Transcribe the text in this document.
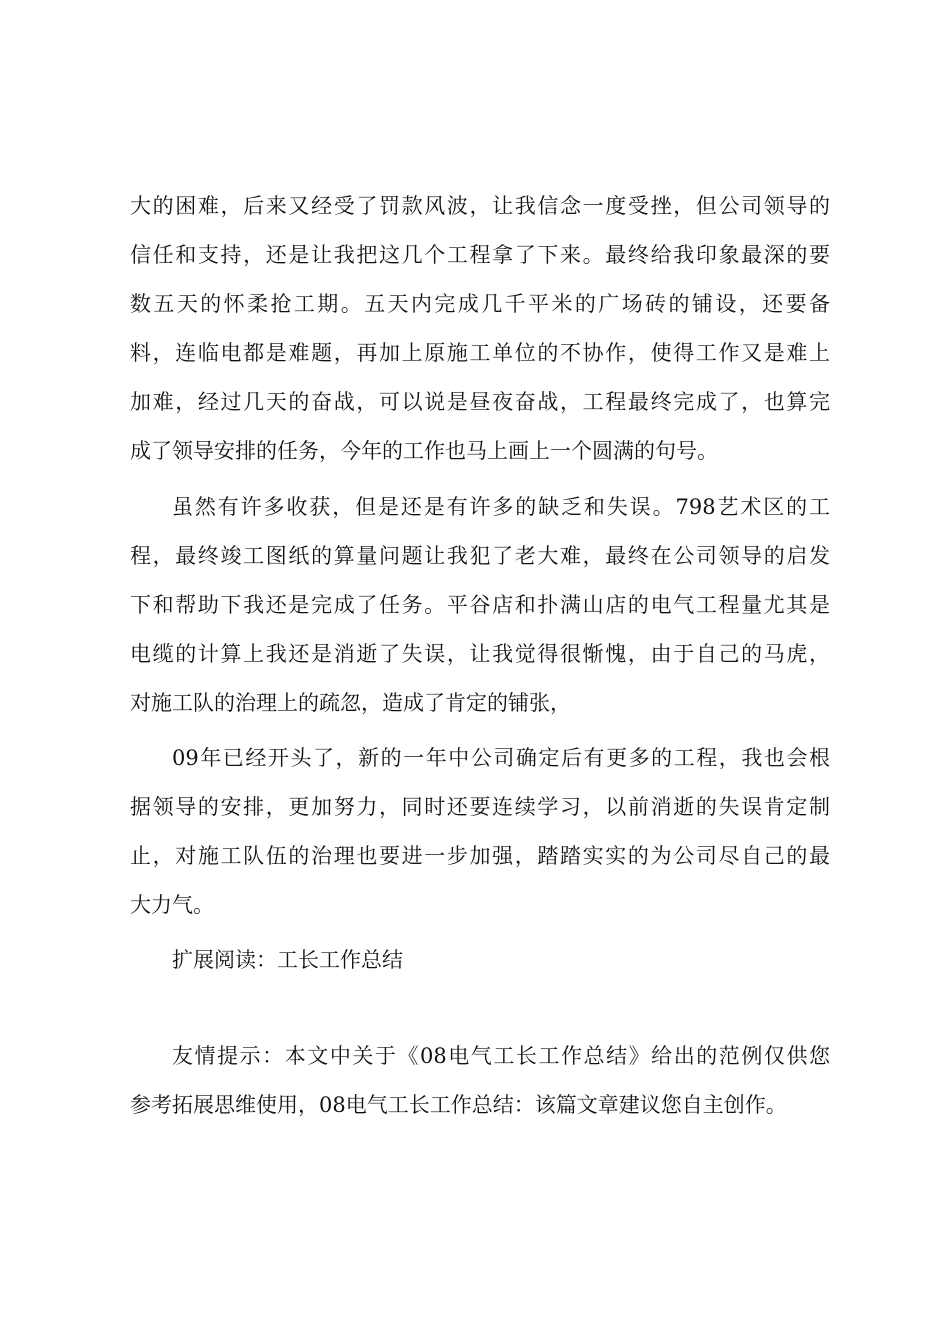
大的困难，后来又经受了罚款风波，让我信念一度受挫，但公司领导的
信任和支持，还是让我把这几个工程拿了下来。最终给我印象最深的要
数五天的怀柔抢工期。五天内完成几千平米的广场砖的铺设，还要备
料，连临电都是难题，再加上原施工单位的不协作，使得工作又是难上
加难，经过几天的奋战，可以说是昼夜奋战，工程最终完成了，也算完
成了领导安排的任务，今年的工作也马上画上一个圆满的句号。
虽然有许多收获，但是还是有许多的缺乏和失误。798艺术区的工
程，最终竣工图纸的算量问题让我犯了老大难，最终在公司领导的启发
下和帮助下我还是完成了任务。平谷店和扑满山店的电气工程量尤其是
电缆的计算上我还是消逝了失误，让我觉得很惭愧，由于自己的马虎，
对施工队的治理上的疏忽，造成了肯定的铺张，
09年已经开头了，新的一年中公司确定后有更多的工程，我也会根
据领导的安排，更加努力，同时还要连续学习，以前消逝的失误肯定制
止，对施工队伍的治理也要进一步加强，踏踏实实的为公司尽自己的最
大力气。
扩展阅读：工长工作总结
友情提示：本文中关于《08电气工长工作总结》给出的范例仅供您
参考拓展思维使用，08电气工长工作总结：该篇文章建议您自主创作。
